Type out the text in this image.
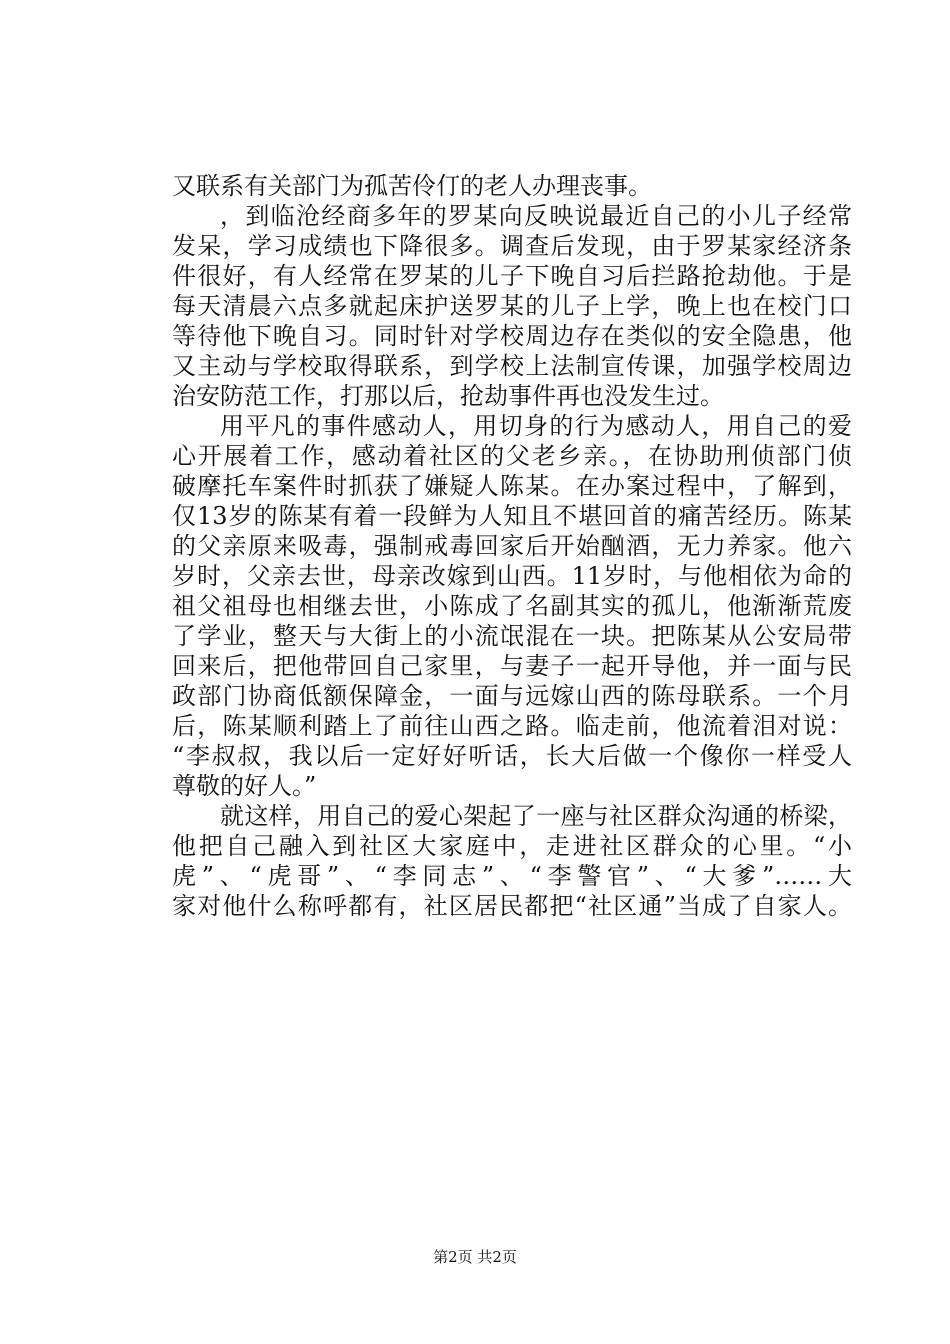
又联系有关部门为孤苦伶仃的老人办理丧事。

，到临沧经商多年的罗某向反映说最近自己的小儿子经常

发呆，学习成绩也下降很多。调查后发现，由于罗某家经济条

件很好，有人经常在罗某的儿子下晚自习后拦路抢劫他。于是

每天清晨六点多就起床护送罗某的儿子上学，晚上也在校门口

等待他下晚自习。同时针对学校周边存在类似的安全隐患，他

又主动与学校取得联系，到学校上法制宣传课，加强学校周边

治安防范工作，打那以后，抢劫事件再也没发生过。

用平凡的事件感动人，用切身的行为感动人，用自己的爱

心开展着工作，感动着社区的父老乡亲。，在协助刑侦部门侦

破摩托车案件时抓获了嫌疑人陈某。在办案过程中，了解到，

仅13岁的陈某有着一段鲜为人知且不堪回首的痛苦经历。陈某

的父亲原来吸毒，强制戒毒回家后开始酗酒，无力养家。他六

岁时，父亲去世，母亲改嫁到山西。11岁时，与他相依为命的

祖父祖母也相继去世，小陈成了名副其实的孤儿，他渐渐荒废

了学业，整天与大街上的小流氓混在一块。把陈某从公安局带

回来后，把他带回自己家里，与妻子一起开导他，并一面与民

政部门协商低额保障金，一面与远嫁山西的陈母联系。一个月

后，陈某顺利踏上了前往山西之路。临走前，他流着泪对说：

“李叔叔，我以后一定好好听话，长大后做一个像你一样受人

尊敬的好人。”

就这样，用自己的爱心架起了一座与社区群众沟通的桥梁，

他把自己融入到社区大家庭中，走进社区群众的心里。“小

虎”、“虎哥”、“李同志”、“李警官”、“大爹”……大

家对他什么称呼都有，社区居民都把“社区通”当成了自家人。

第2页 共2页
